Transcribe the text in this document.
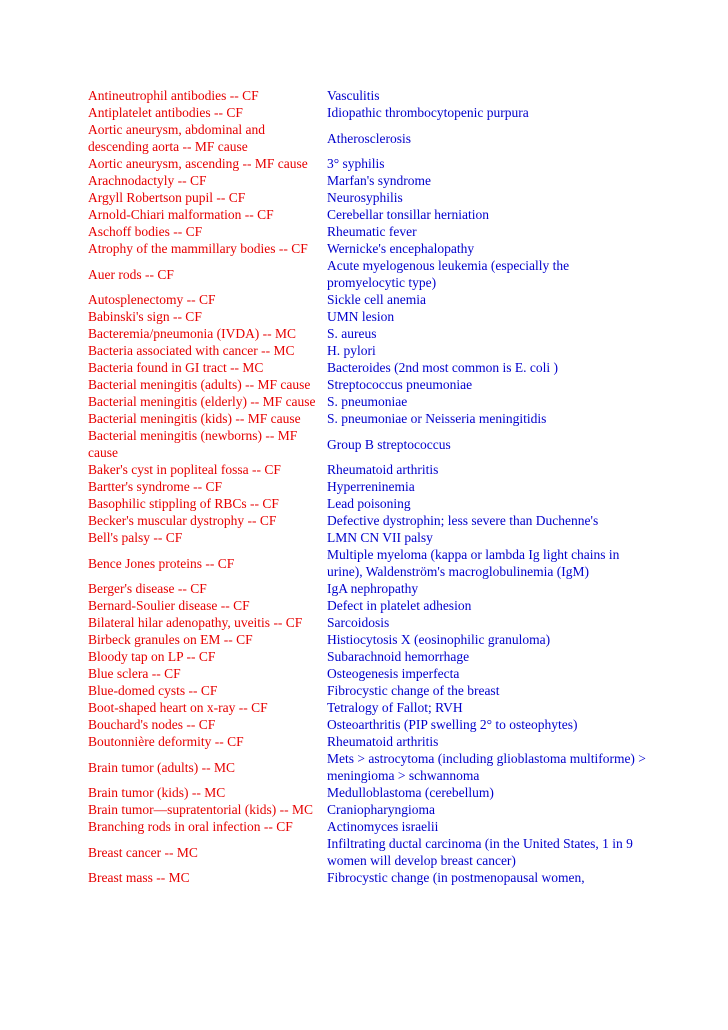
Antineutrophil antibodies -- CF	Vasculitis
Antiplatelet antibodies -- CF	Idiopathic thrombocytopenic purpura
Aortic aneurysm, abdominal and descending aorta -- MF cause	Atherosclerosis
Aortic aneurysm, ascending -- MF cause	3° syphilis
Arachnodactyly -- CF	Marfan's syndrome
Argyll Robertson pupil -- CF	Neurosyphilis
Arnold-Chiari malformation -- CF	Cerebellar tonsillar herniation
Aschoff bodies -- CF	Rheumatic fever
Atrophy of the mammillary bodies -- CF	Wernicke's encephalopathy
Auer rods -- CF	Acute myelogenous leukemia (especially the promyelocytic type)
Autosplenectomy -- CF	Sickle cell anemia
Babinski's sign -- CF	UMN lesion
Bacteremia/pneumonia (IVDA) -- MC	S. aureus
Bacteria associated with cancer -- MC	H. pylori
Bacteria found in GI tract -- MC	Bacteroides (2nd most common is E. coli )
Bacterial meningitis (adults) -- MF cause	Streptococcus pneumoniae
Bacterial meningitis (elderly) -- MF cause	S. pneumoniae
Bacterial meningitis (kids) -- MF cause	S. pneumoniae or Neisseria meningitidis
Bacterial meningitis (newborns) -- MF cause	Group B streptococcus
Baker's cyst in popliteal fossa -- CF	Rheumatoid arthritis
Bartter's syndrome -- CF	Hyperreninemia
Basophilic stippling of RBCs -- CF	Lead poisoning
Becker's muscular dystrophy -- CF	Defective dystrophin; less severe than Duchenne's
Bell's palsy -- CF	LMN CN VII palsy
Bence Jones proteins -- CF	Multiple myeloma (kappa or lambda Ig light chains in urine), Waldenström's macroglobulinemia (IgM)
Berger's disease -- CF	IgA nephropathy
Bernard-Soulier disease -- CF	Defect in platelet adhesion
Bilateral hilar adenopathy, uveitis -- CF	Sarcoidosis
Birbeck granules on EM -- CF	Histiocytosis X (eosinophilic granuloma)
Bloody tap on LP -- CF	Subarachnoid hemorrhage
Blue sclera -- CF	Osteogenesis imperfecta
Blue-domed cysts -- CF	Fibrocystic change of the breast
Boot-shaped heart on x-ray -- CF	Tetralogy of Fallot; RVH
Bouchard's nodes -- CF	Osteoarthritis (PIP swelling 2° to osteophytes)
Boutonnière deformity -- CF	Rheumatoid arthritis
Brain tumor (adults) -- MC	Mets > astrocytoma (including glioblastoma multiforme) > meningioma > schwannoma
Brain tumor (kids) -- MC	Medulloblastoma (cerebellum)
Brain tumor—supratentorial (kids) -- MC	Craniopharyngioma
Branching rods in oral infection -- CF	Actinomyces israelii
Breast cancer -- MC	Infiltrating ductal carcinoma (in the United States, 1 in 9 women will develop breast cancer)
Breast mass -- MC	Fibrocystic change (in postmenopausal women,
